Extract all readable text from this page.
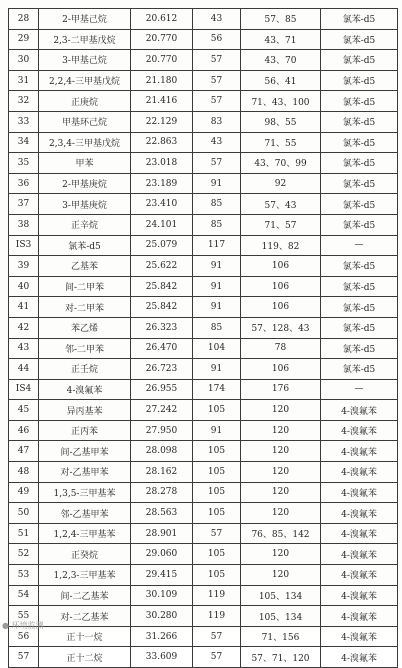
28	2-甲基己烷	20.612	43	57、85	氯苯-d5
29	2,3-二甲基戊烷	20.770	56	43、71	氯苯-d5
30	3-甲基己烷	20.770	57	43、70	氯苯-d5
31	2,2,4-三甲基戊烷	21.180	57	56、41	氯苯-d5
32	正庚烷	21.416	57	71、43、100	氯苯-d5
33	甲基环己烷	22.129	83	98、55	氯苯-d5
34	2,3,4-三甲基戊烷	22.863	43	71、55	氯苯-d5
35	甲苯	23.018	57	43、70、99	氯苯-d5
36	2-甲基庚烷	23.189	91	92	氯苯-d5
37	3-甲基庚烷	23.410	85	57、43	氯苯-d5
38	正辛烷	24.101	85	71、57	氯苯-d5
IS3	氯苯-d5	25.079	117	119、82	—
39	乙基苯	25.622	91	106	氯苯-d5
40	间-二甲苯	25.842	91	106	氯苯-d5
41	对-二甲苯	25.842	91	106	氯苯-d5
42	苯乙烯	26.323	85	57、128、43	氯苯-d5
43	邻-二甲苯	26.470	104	78	氯苯-d5
44	正壬烷	26.723	91	106	氯苯-d5
IS4	4-溴氟苯	26.955	174	176	—
45	异丙基苯	27.242	105	120	4-溴氟苯
46	正丙苯	27.950	91	120	4-溴氟苯
47	间-乙基甲苯	28.098	105	120	4-溴氟苯
48	对-乙基甲苯	28.162	105	120	4-溴氟苯
49	1,3,5-三甲基苯	28.278	105	120	4-溴氟苯
50	邻-乙基甲苯	28.563	105	120	4-溴氟苯
51	1,2,4-三甲基苯	28.901	57	76、85、142	4-溴氟苯
52	正癸烷	29.060	105	120	4-溴氟苯
53	1,2,3-三甲基苯	29.415	105	120	4-溴氟苯
54	间-二乙基苯	30.109	119	105、134	4-溴氟苯
55	对-二乙基苯	30.280	119	105、134	4-溴氟苯
56	正十一烷	31.266	57	71、156	4-溴氟苯
57	正十二烷	33.609	57	57、71、120	4-溴氟苯
● 环境监测
